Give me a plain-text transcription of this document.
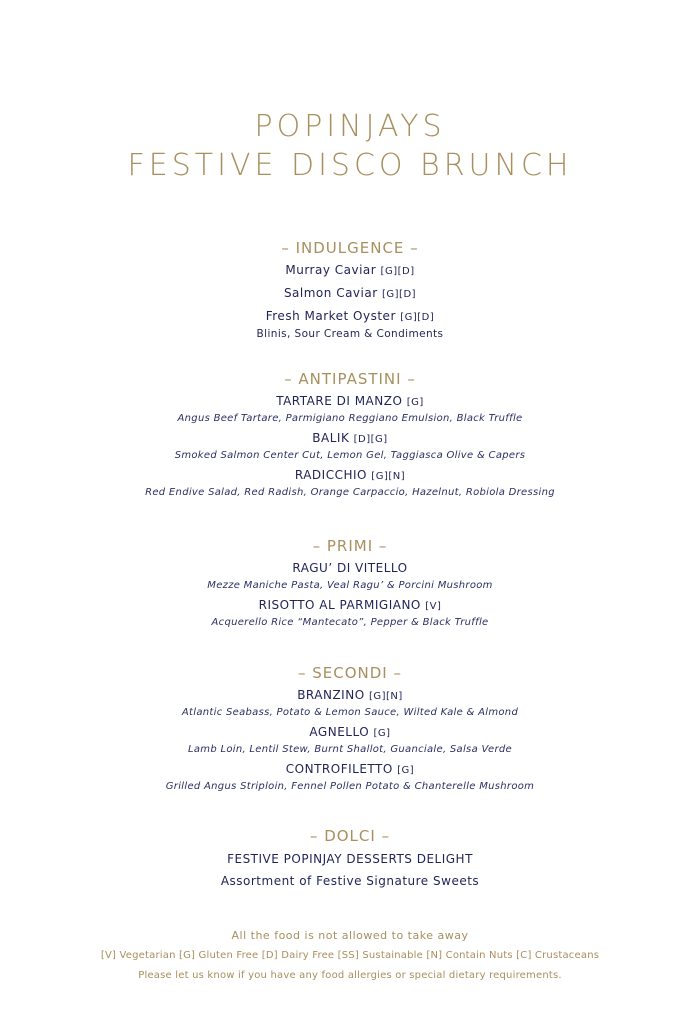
POPINJAYS
FESTIVE DISCO BRUNCH
– INDULGENCE –
Murray Caviar [G][D]
Salmon Caviar [G][D]
Fresh Market Oyster [G][D]
Blinis, Sour Cream & Condiments
– ANTIPASTINI –
TARTARE DI MANZO [G]
Angus Beef Tartare, Parmigiano Reggiano Emulsion, Black Truffle
BALIK [D][G]
Smoked Salmon Center Cut, Lemon Gel, Taggiasca Olive & Capers
RADICCHIO [G][N]
Red Endive Salad, Red Radish, Orange Carpaccio, Hazelnut, Robiola Dressing
– PRIMI –
RAGU’ DI VITELLO
Mezze Maniche Pasta, Veal Ragu’ & Porcini Mushroom
RISOTTO AL PARMIGIANO [V]
Acquerello Rice “Mantecato”, Pepper & Black Truffle
– SECONDI –
BRANZINO [G][N]
Atlantic Seabass, Potato & Lemon Sauce, Wilted Kale & Almond
AGNELLO [G]
Lamb Loin, Lentil Stew, Burnt Shallot, Guanciale, Salsa Verde
CONTROFILETTO [G]
Grilled Angus Striploin, Fennel Pollen Potato & Chanterelle Mushroom
– DOLCI –
FESTIVE POPINJAY DESSERTS DELIGHT
Assortment of Festive Signature Sweets
All the food is not allowed to take away
[V] Vegetarian [G] Gluten Free [D] Dairy Free [SS] Sustainable [N] Contain Nuts [C] Crustaceans
Please let us know if you have any food allergies or special dietary requirements.
